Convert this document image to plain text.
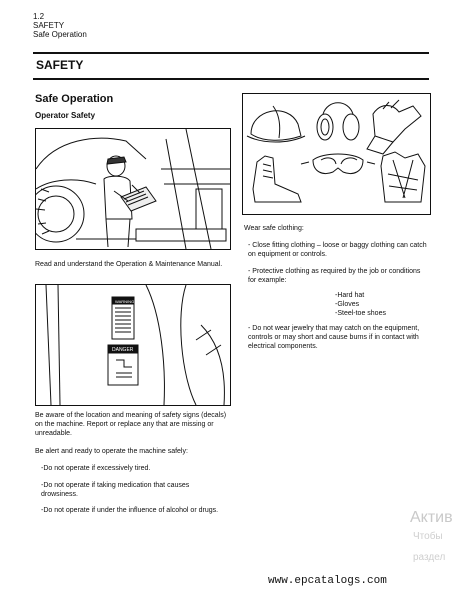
1.2
SAFETY
Safe Operation
SAFETY
Safe Operation
Operator Safety
Read and understand the Operation & Maintenance Manual.
WARNING
DANGER
Be aware of the location and meaning of safety signs (decals) on the machine. Report or replace any that are missing or unreadable.
Be alert and ready to operate the machine safely:
-Do not operate if excessively tired.
-Do not operate if taking medication that causes drowsiness.
-Do not operate if under the influence of alcohol or drugs.
Wear safe clothing:
- Close fitting clothing – loose or baggy clothing can catch on equipment or controls.
- Protective clothing as required by the job or conditions for example:
-Hard hat
-Gloves
-Steel-toe shoes
- Do not wear jewelry that may catch on the equipment, controls or may short and cause burns if in contact with electrical components.
Актив
Чтобы
раздел
www.epcatalogs.com
